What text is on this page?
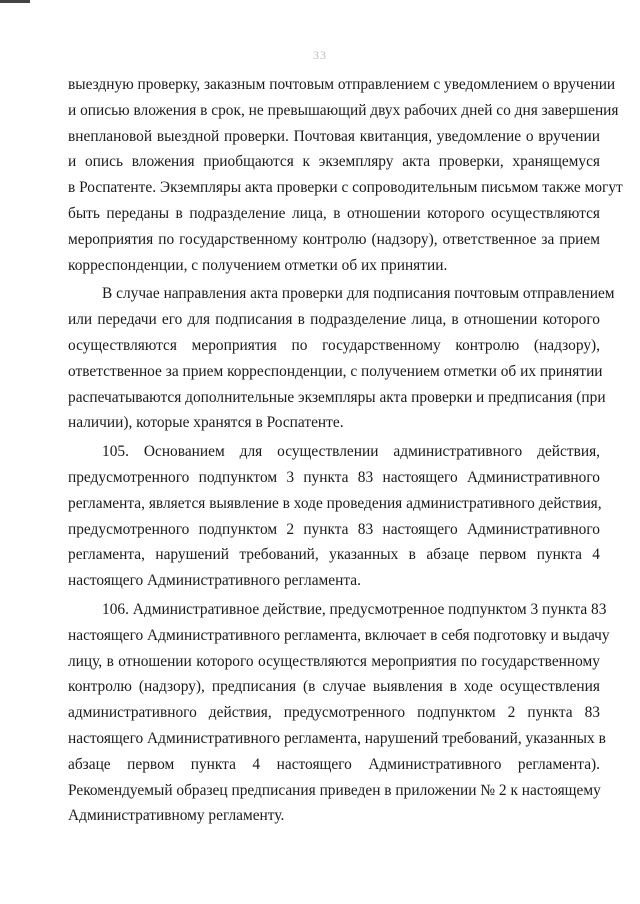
33
выездную проверку, заказным почтовым отправлением с уведомлением о вручении
и описью вложения в срок, не превышающий двух рабочих дней со дня завершения
внеплановой выездной проверки. Почтовая квитанция, уведомление о вручении
и опись вложения приобщаются к экземпляру акта проверки, хранящемуся
в Роспатенте. Экземпляры акта проверки с сопроводительным письмом также могут
быть переданы в подразделение лица, в отношении которого осуществляются
мероприятия по государственному контролю (надзору), ответственное за прием
корреспонденции, с получением отметки об их принятии.
В случае направления акта проверки для подписания почтовым отправлением
или передачи его для подписания в подразделение лица, в отношении которого
осуществляются мероприятия по государственному контролю (надзору),
ответственное за прием корреспонденции, с получением отметки об их принятии
распечатываются дополнительные экземпляры акта проверки и предписания (при
наличии), которые хранятся в Роспатенте.
105. Основанием для осуществлении административного действия,
предусмотренного подпунктом 3 пункта 83 настоящего Административного
регламента, является выявление в ходе проведения административного действия,
предусмотренного подпунктом 2 пункта 83 настоящего Административного
регламента, нарушений требований, указанных в абзаце первом пункта 4
настоящего Административного регламента.
106. Административное действие, предусмотренное подпунктом 3 пункта 83
настоящего Административного регламента, включает в себя подготовку и выдачу
лицу, в отношении которого осуществляются мероприятия по государственному
контролю (надзору), предписания (в случае выявления в ходе осуществления
административного действия, предусмотренного подпунктом 2 пункта 83
настоящего Административного регламента, нарушений требований, указанных в
абзаце первом пункта 4 настоящего Административного регламента).
Рекомендуемый образец предписания приведен в приложении № 2 к настоящему
Административному регламенту.
